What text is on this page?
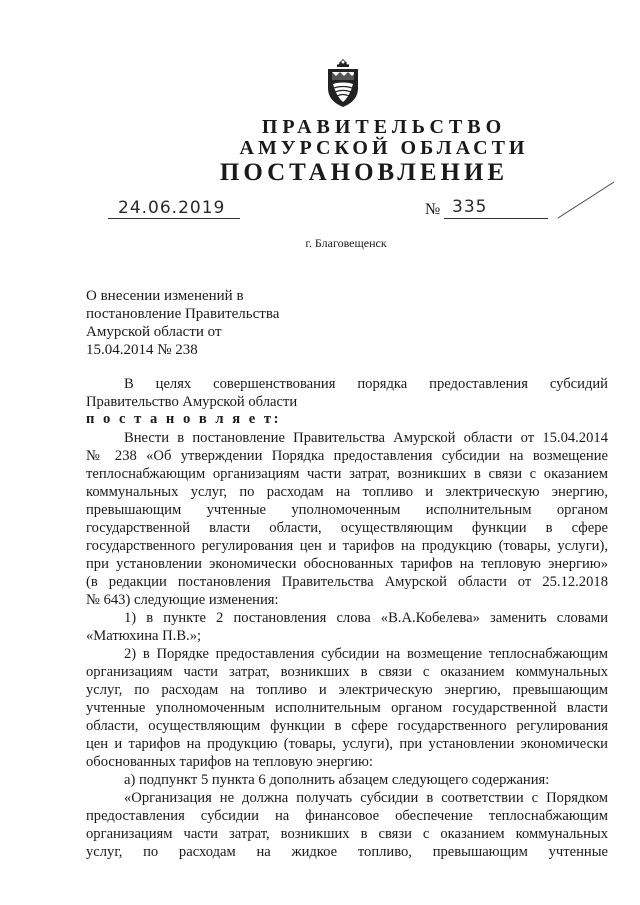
ПРАВИТЕЛЬСТВО
АМУРСКОЙ ОБЛАСТИ
ПОСТАНОВЛЕНИЕ
24.06.2019	№ 335
г. Благовещенск
О внесении изменений в
постановление Правительства
Амурской области от
15.04.2014 № 238
В целях совершенствования порядка предоставления субсидий
Правительство Амурской области
п о с т а н о в л я е т:
Внести в постановление Правительства Амурской области от 15.04.2014
№ 238 «Об утверждении Порядка предоставления субсидии на возмещение
теплоснабжающим организациям части затрат, возникших в связи с оказанием
коммунальных услуг, по расходам на топливо и электрическую энергию,
превышающим учтенные уполномоченным исполнительным органом
государственной власти области, осуществляющим функции в сфере
государственного регулирования цен и тарифов на продукцию (товары, услуги),
при установлении экономически обоснованных тарифов на тепловую энергию»
(в редакции постановления Правительства Амурской области от 25.12.2018
№ 643) следующие изменения:
1) в пункте 2 постановления слова «В.А.Кобелева» заменить словами
«Матюхина П.В.»;
2) в Порядке предоставления субсидии на возмещение теплоснабжающим
организациям части затрат, возникших в связи с оказанием коммунальных
услуг, по расходам на топливо и электрическую энергию, превышающим
учтенные уполномоченным исполнительным органом государственной власти
области, осуществляющим функции в сфере государственного регулирования
цен и тарифов на продукцию (товары, услуги), при установлении экономически
обоснованных тарифов на тепловую энергию:
а) подпункт 5 пункта 6 дополнить абзацем следующего содержания:
«Организация не должна получать субсидии в соответствии с Порядком
предоставления субсидии на финансовое обеспечение теплоснабжающим
организациям части затрат, возникших в связи с оказанием коммунальных
услуг, по расходам на жидкое топливо, превышающим учтенные
